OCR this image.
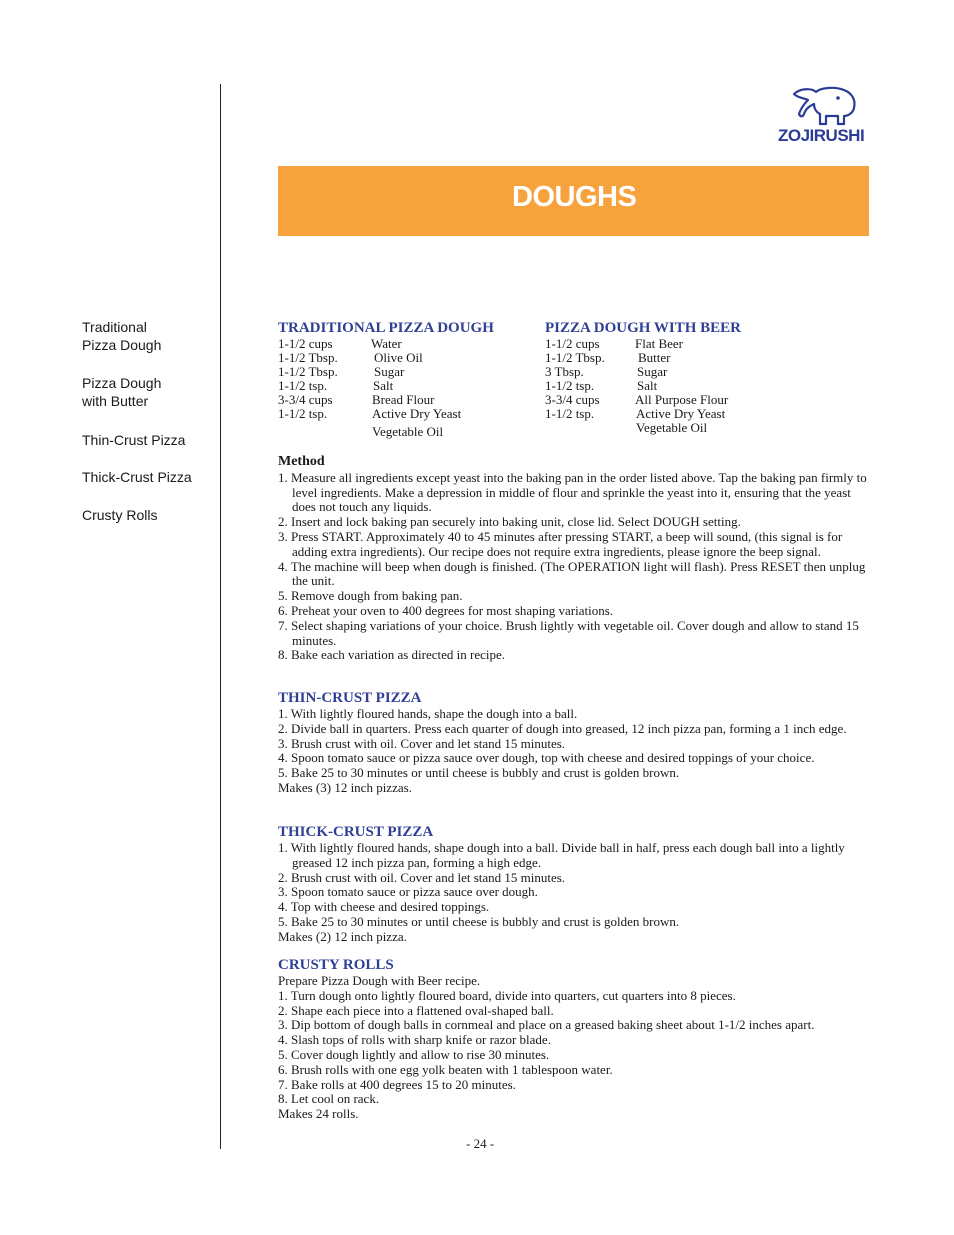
ZOJIRUSHI
DOUGHS
Traditional
Pizza Dough
Pizza Dough
with Butter
Thin-Crust Pizza
Thick-Crust Pizza
Crusty Rolls
TRADITIONAL PIZZA DOUGH
1-1/2 cups	Water
1-1/2 Tbsp.	Olive Oil
1-1/2 Tbsp.	Sugar
1-1/2 tsp.	Salt
3-3/4 cups	Bread Flour
1-1/2 tsp.	Active Dry Yeast
Vegetable Oil
PIZZA DOUGH WITH BEER
1-1/2 cups	Flat Beer
1-1/2 Tbsp.	Butter
3 Tbsp.	Sugar
1-1/2 tsp.	Salt
3-3/4 cups	All Purpose Flour
1-1/2 tsp.	Active Dry Yeast
Vegetable Oil
Method
1. Measure all ingredients except yeast into the baking pan in the order listed above. Tap the baking pan firmly to level ingredients. Make a depression in middle of flour and sprinkle the yeast into it, ensuring that the yeast does not touch any liquids.
2. Insert and lock baking pan securely into baking unit, close lid. Select DOUGH setting.
3. Press START. Approximately 40 to 45 minutes after pressing START, a beep will sound, (this signal is for adding extra ingredients). Our recipe does not require extra ingredients, please ignore the beep signal.
4. The machine will beep when dough is finished. (The OPERATION light will flash). Press RESET then unplug the unit.
5. Remove dough from baking pan.
6. Preheat your oven to 400 degrees for most shaping variations.
7. Select shaping variations of your choice. Brush lightly with vegetable oil. Cover dough and allow to stand 15 minutes.
8. Bake each variation as directed in recipe.
THIN-CRUST PIZZA
1. With lightly floured hands, shape the dough into a ball.
2. Divide ball in quarters. Press each quarter of dough into greased, 12 inch pizza pan, forming a 1 inch edge.
3. Brush crust with oil. Cover and let stand 15 minutes.
4. Spoon tomato sauce or pizza sauce over dough, top with cheese and desired toppings of your choice.
5. Bake 25 to 30 minutes or until cheese is bubbly and crust is golden brown.

Makes (3) 12 inch pizzas.

THICK-CRUST PIZZA
1. With lightly floured hands, shape dough into a ball. Divide ball in half, press each dough ball into a lightly greased 12 inch pizza pan, forming a high edge.
2. Brush crust with oil. Cover and let stand 15 minutes.
3. Spoon tomato sauce or pizza sauce over dough.
4. Top with cheese and desired toppings.
5. Bake 25 to 30 minutes or until cheese is bubbly and crust is golden brown.

Makes (2) 12 inch pizza.

CRUSTY ROLLS

Prepare Pizza Dough with Beer recipe.

1. Turn dough onto lightly floured board, divide into quarters, cut quarters into 8 pieces.
2. Shape each piece into a flattened oval-shaped ball.
3. Dip bottom of dough balls in cornmeal and place on a greased baking sheet about 1-1/2 inches apart.
4. Slash tops of rolls with sharp knife or razor blade.
5. Cover dough lightly and allow to rise 30 minutes.
6. Brush rolls with one egg yolk beaten with 1 tablespoon water.
7. Bake rolls at 400 degrees 15 to 20 minutes.
8. Let cool on rack.

Makes 24 rolls.

- 24 -
